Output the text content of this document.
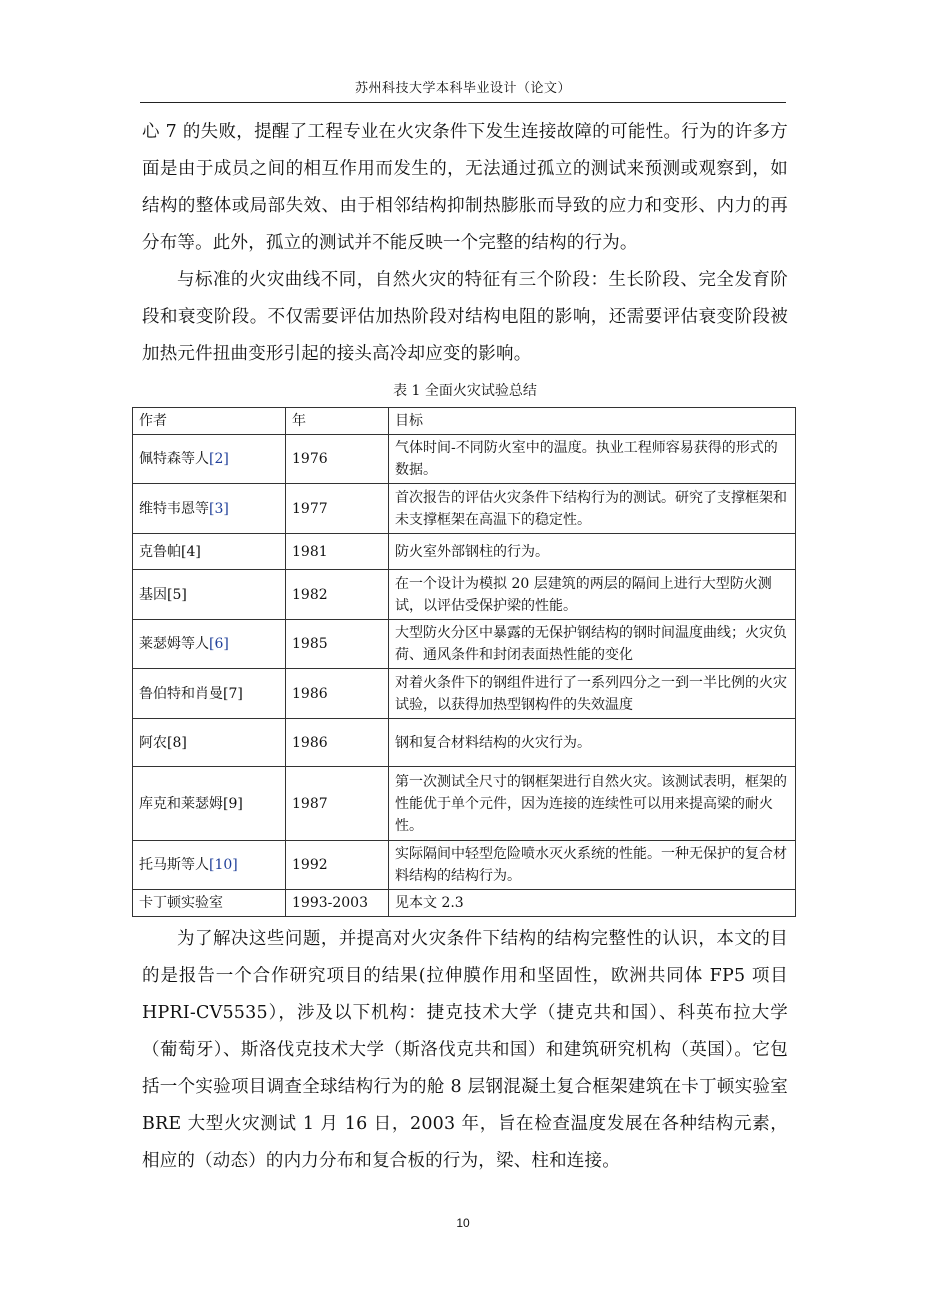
苏州科技大学本科毕业设计（论文）

心 7 的失败，提醒了工程专业在火灾条件下发生连接故障的可能性。行为的许多方面是由于成员之间的相互作用而发生的，无法通过孤立的测试来预测或观察到，如结构的整体或局部失效、由于相邻结构抑制热膨胀而导致的应力和变形、内力的再分布等。此外，孤立的测试并不能反映一个完整的结构的行为。

与标准的火灾曲线不同，自然火灾的特征有三个阶段：生长阶段、完全发育阶段和衰变阶段。不仅需要评估加热阶段对结构电阻的影响，还需要评估衰变阶段被加热元件扭曲变形引起的接头高冷却应变的影响。

表 1 全面火灾试验总结
作者	年	目标
佩特森等人[2]	1976	气体时间-不同防火室中的温度。执业工程师容易获得的形式的数据。
维特韦恩等[3]	1977	首次报告的评估火灾条件下结构行为的测试。研究了支撑框架和未支撑框架在高温下的稳定性。
克鲁帕[4]	1981	防火室外部钢柱的行为。
基因[5]	1982	在一个设计为模拟 20 层建筑的两层的隔间上进行大型防火测试，以评估受保护梁的性能。
莱瑟姆等人[6]	1985	大型防火分区中暴露的无保护钢结构的钢时间温度曲线；火灾负荷、通风条件和封闭表面热性能的变化
鲁伯特和肖曼[7]	1986	对着火条件下的钢组件进行了一系列四分之一到一半比例的火灾试验，以获得加热型钢构件的失效温度
阿农[8]	1986	钢和复合材料结构的火灾行为。
库克和莱瑟姆[9]	1987	第一次测试全尺寸的钢框架进行自然火灾。该测试表明，框架的性能优于单个元件，因为连接的连续性可以用来提高梁的耐火性。
托马斯等人[10]	1992	实际隔间中轻型危险喷水灭火系统的性能。一种无保护的复合材料结构的结构行为。
卡丁顿实验室	1993-2003	见本文 2.3

为了解决这些问题，并提高对火灾条件下结构的结构完整性的认识，本文的目的是报告一个合作研究项目的结果(拉伸膜作用和坚固性，欧洲共同体 FP5 项目 HPRI-CV5535），涉及以下机构：捷克技术大学（捷克共和国）、科英布拉大学（葡萄牙）、斯洛伐克技术大学（斯洛伐克共和国）和建筑研究机构（英国）。它包括一个实验项目调查全球结构行为的舱 8 层钢混凝土复合框架建筑在卡丁顿实验室 BRE 大型火灾测试 1 月 16 日，2003 年，旨在检查温度发展在各种结构元素，相应的（动态）的内力分布和复合板的行为，梁、柱和连接。

10
